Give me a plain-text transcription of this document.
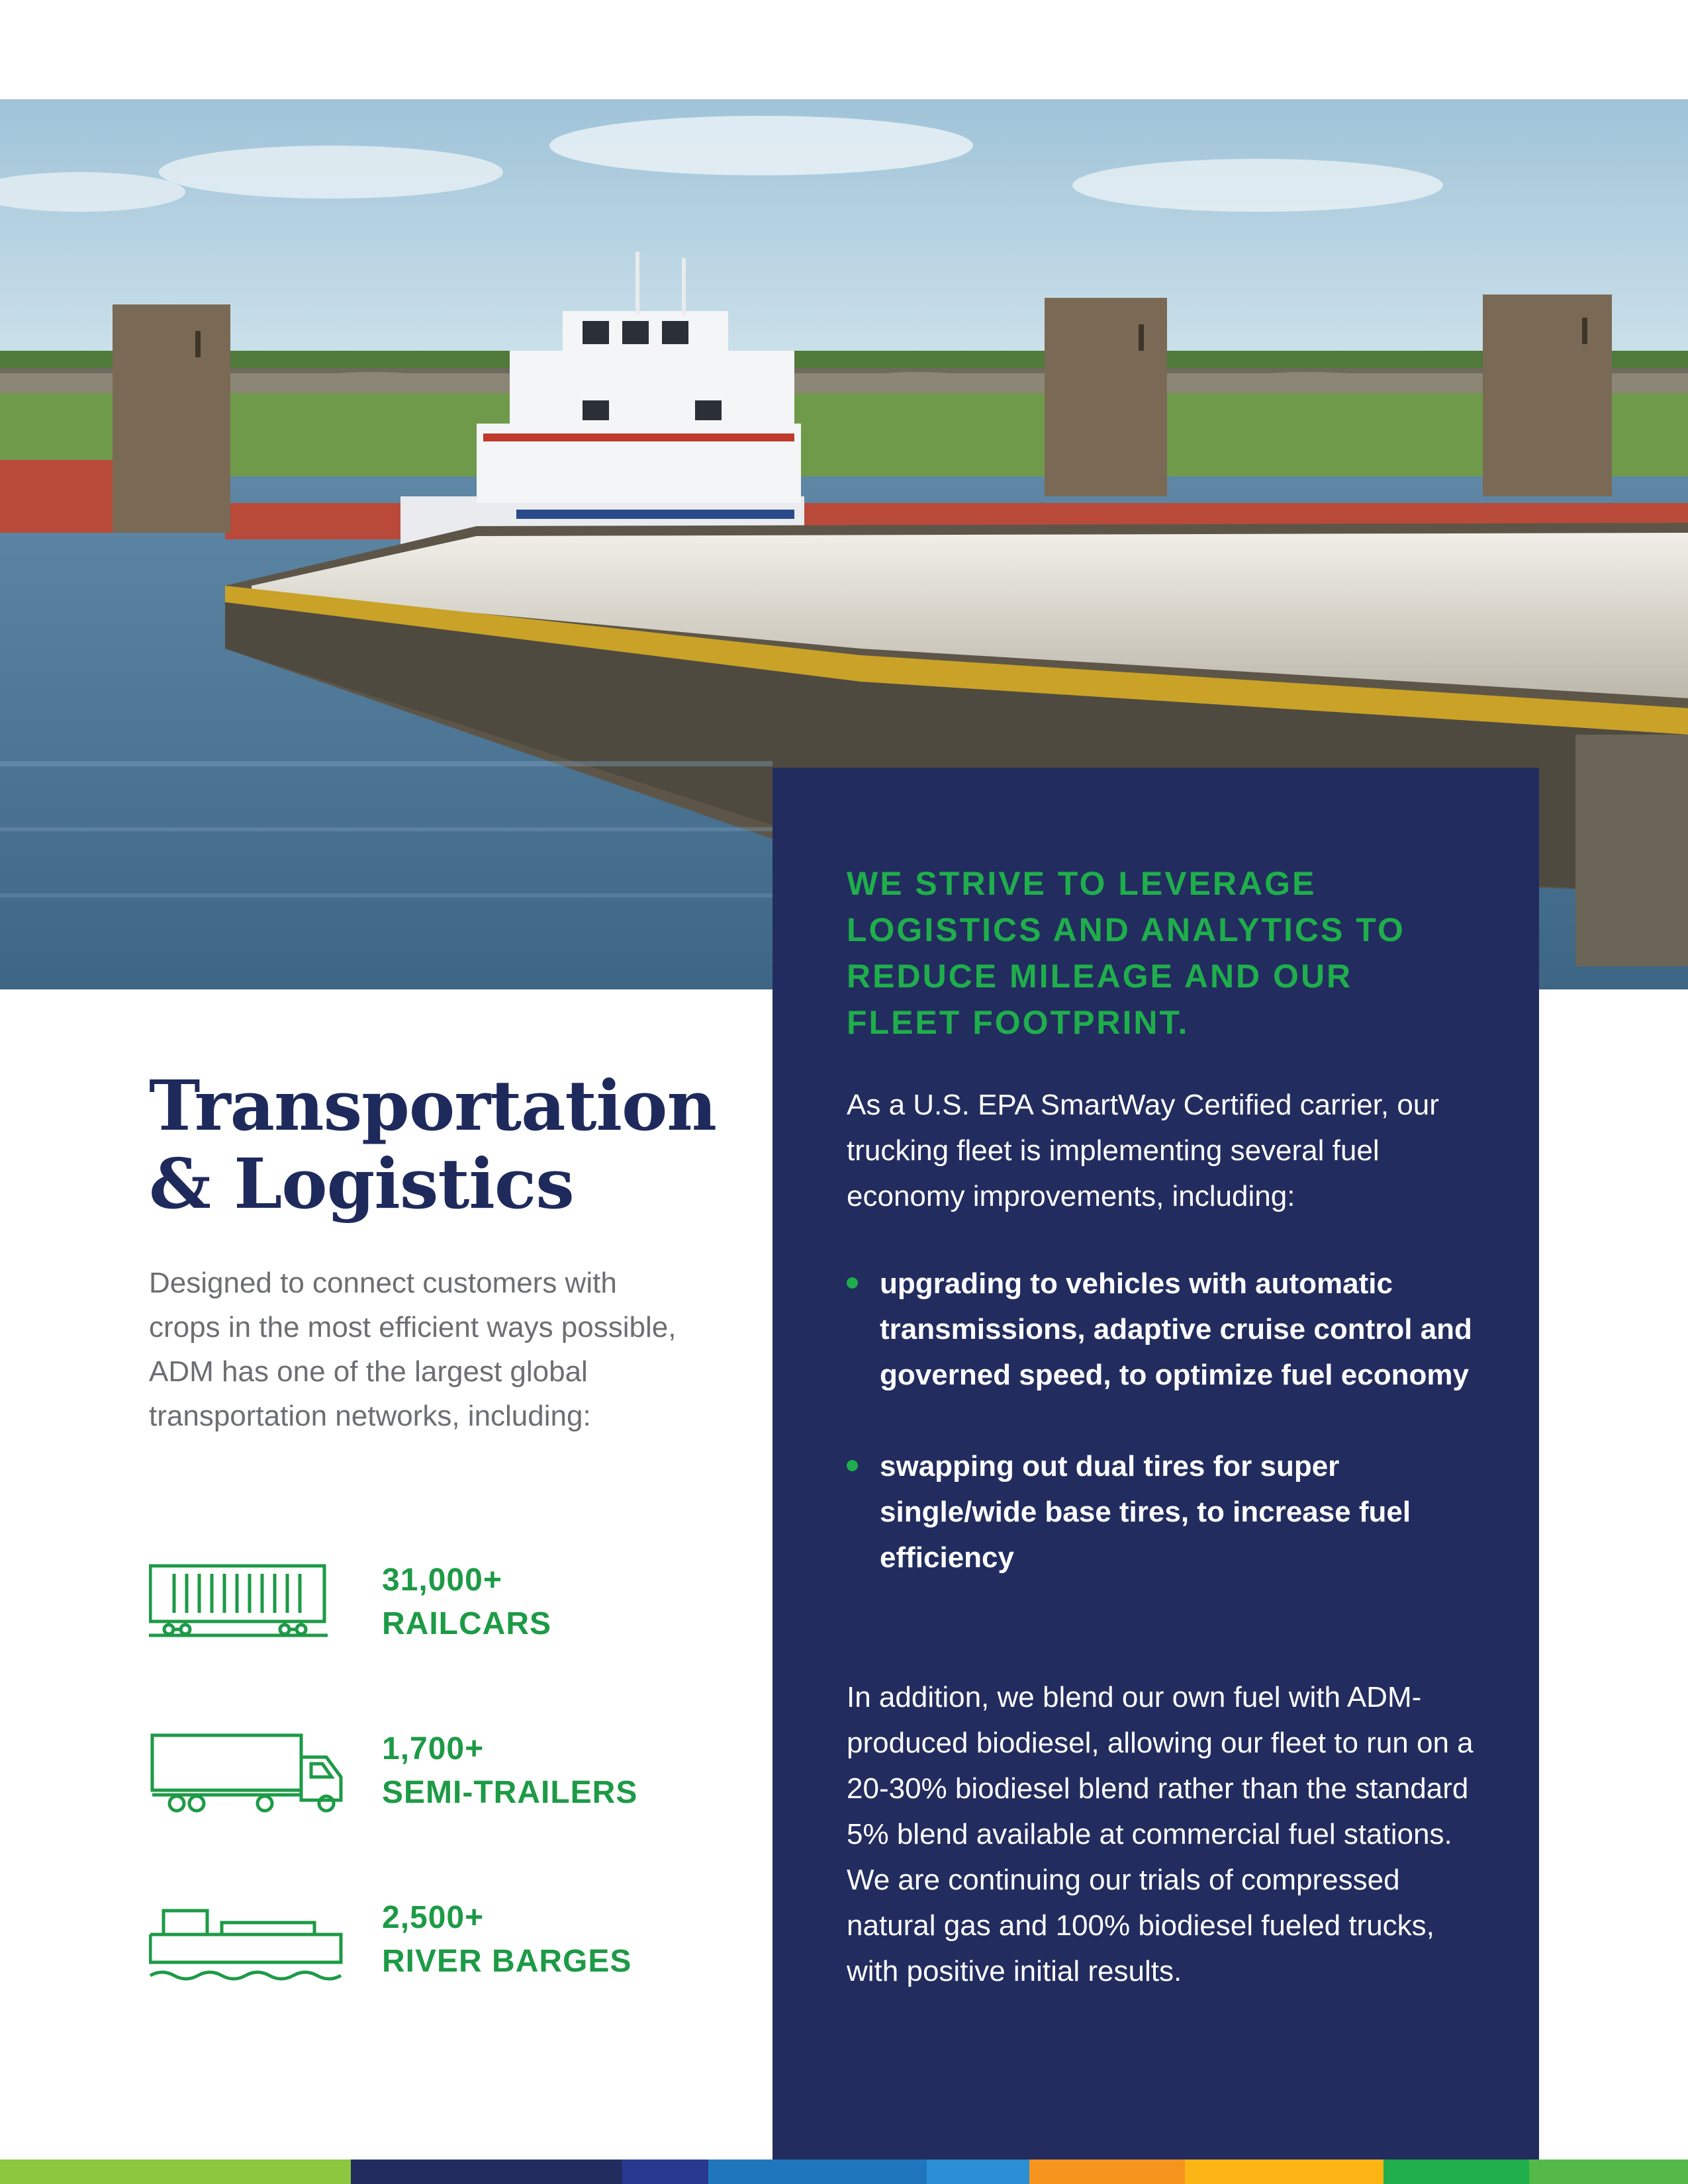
Transportation
& Logistics

Designed to connect customers with crops in the most efficient ways possible, ADM has one of the largest global transportation networks, including:

31,000+
RAILCARS
1,700+
SEMI-TRAILERS
2,500+
RIVER BARGES
WE STRIVE TO LEVERAGE
LOGISTICS AND ANALYTICS TO
REDUCE MILEAGE AND OUR
FLEET FOOTPRINT.

As a U.S. EPA SmartWay Certified carrier, our trucking fleet is implementing several fuel economy improvements, including:

upgrading to vehicles with automatic transmissions, adaptive cruise control and governed speed, to optimize fuel economy
swapping out dual tires for super single/wide base tires, to increase fuel efficiency

In addition, we blend our own fuel with ADM-produced biodiesel, allowing our fleet to run on a 20-30% biodiesel blend rather than the standard 5% blend available at commercial fuel stations. We are continuing our trials of compressed natural gas and 100% biodiesel fueled trucks, with positive initial results.
